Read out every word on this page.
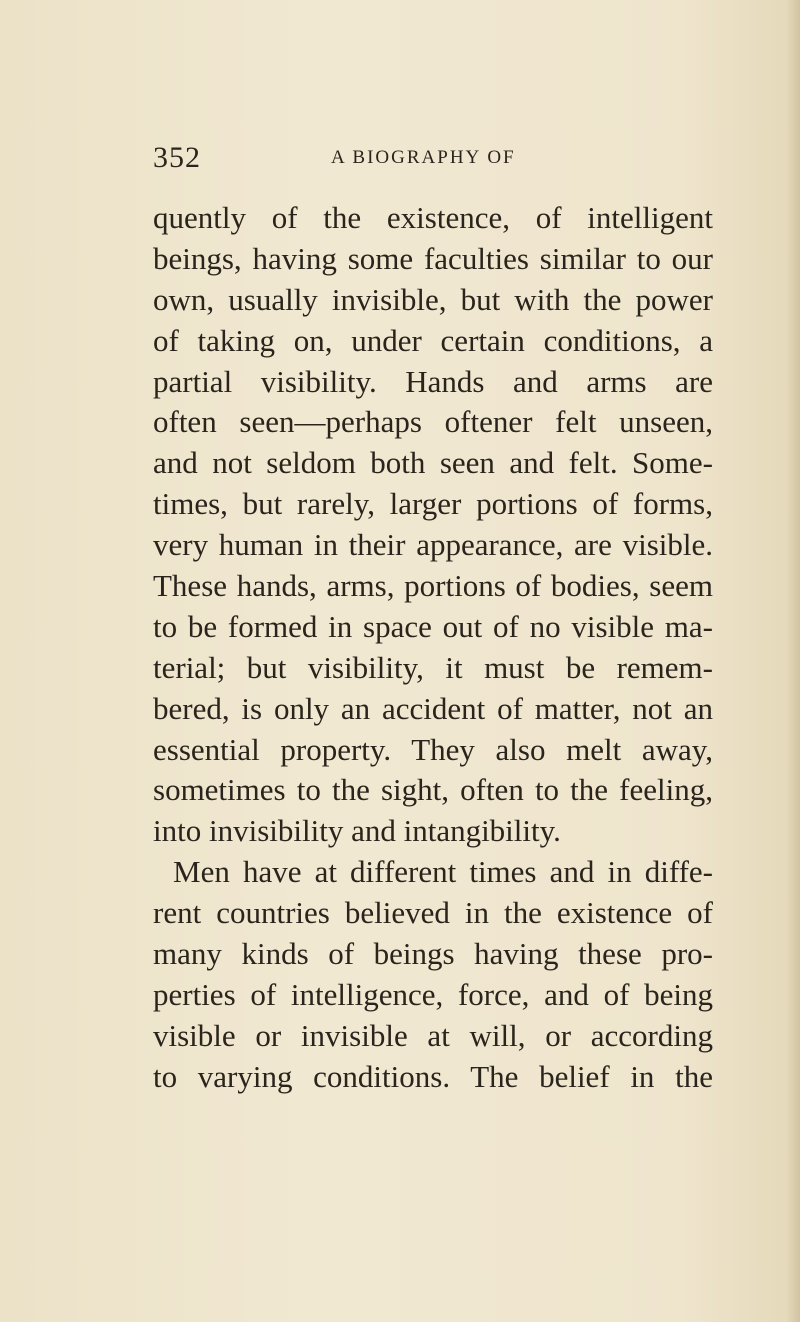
352	A BIOGRAPHY OF
quently of the existence, of intelligent
beings, having some faculties similar to our
own, usually invisible, but with the power
of taking on, under certain conditions, a
partial visibility. Hands and arms are
often seen—perhaps oftener felt unseen,
and not seldom both seen and felt. Some-
times, but rarely, larger portions of forms,
very human in their appearance, are visible.
These hands, arms, portions of bodies, seem
to be formed in space out of no visible ma-
terial; but visibility, it must be remem-
bered, is only an accident of matter, not an
essential property. They also melt away,
sometimes to the sight, often to the feeling,
into invisibility and intangibility.
Men have at different times and in diffe-
rent countries believed in the existence of
many kinds of beings having these pro-
perties of intelligence, force, and of being
visible or invisible at will, or according
to varying conditions. The belief in the
